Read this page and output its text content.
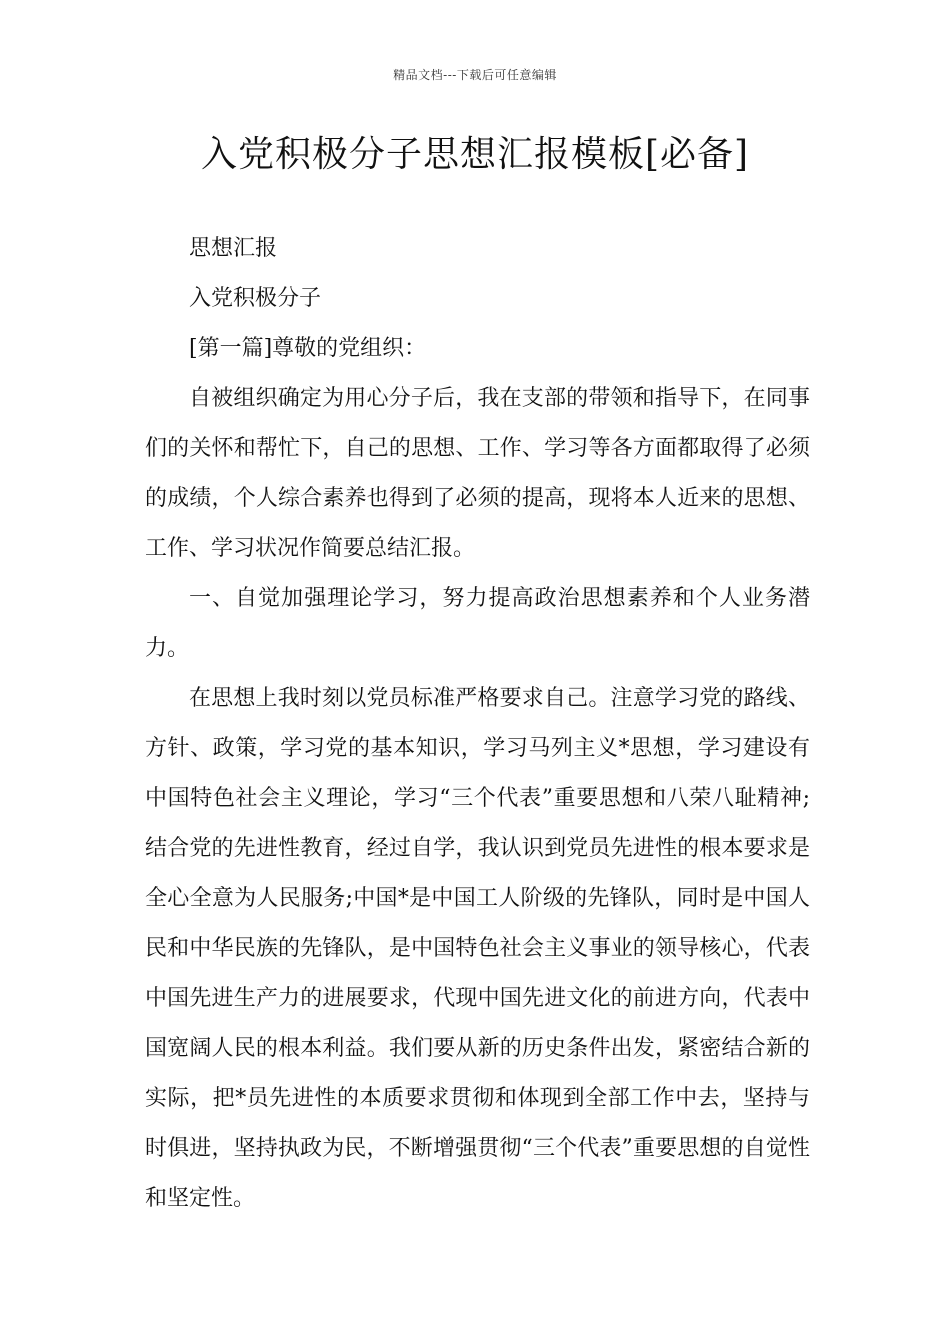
精品文档---下载后可任意编辑
入党积极分子思想汇报模板[必备]

思想汇报

入党积极分子

[第一篇]尊敬的党组织：

自被组织确定为用心分子后，我在支部的带领和指导下，在同事们的关怀和帮忙下，自己的思想、工作、学习等各方面都取得了必须的成绩，个人综合素养也得到了必须的提高，现将本人近来的思想、工作、学习状况作简要总结汇报。

一、自觉加强理论学习，努力提高政治思想素养和个人业务潜力。

在思想上我时刻以党员标准严格要求自己。注意学习党的路线、方针、政策，学习党的基本知识，学习马列主义*思想，学习建设有中国特色社会主义理论，学习“三个代表”重要思想和八荣八耻精神;结合党的先进性教育，经过自学，我认识到党员先进性的根本要求是全心全意为人民服务;中国*是中国工人阶级的先锋队，同时是中国人民和中华民族的先锋队，是中国特色社会主义事业的领导核心，代表中国先进生产力的进展要求，代现中国先进文化的前进方向，代表中国宽阔人民的根本利益。我们要从新的历史条件出发，紧密结合新的实际，把*员先进性的本质要求贯彻和体现到全部工作中去，坚持与时俱进，坚持执政为民，不断增强贯彻“三个代表”重要思想的自觉性和坚定性。
